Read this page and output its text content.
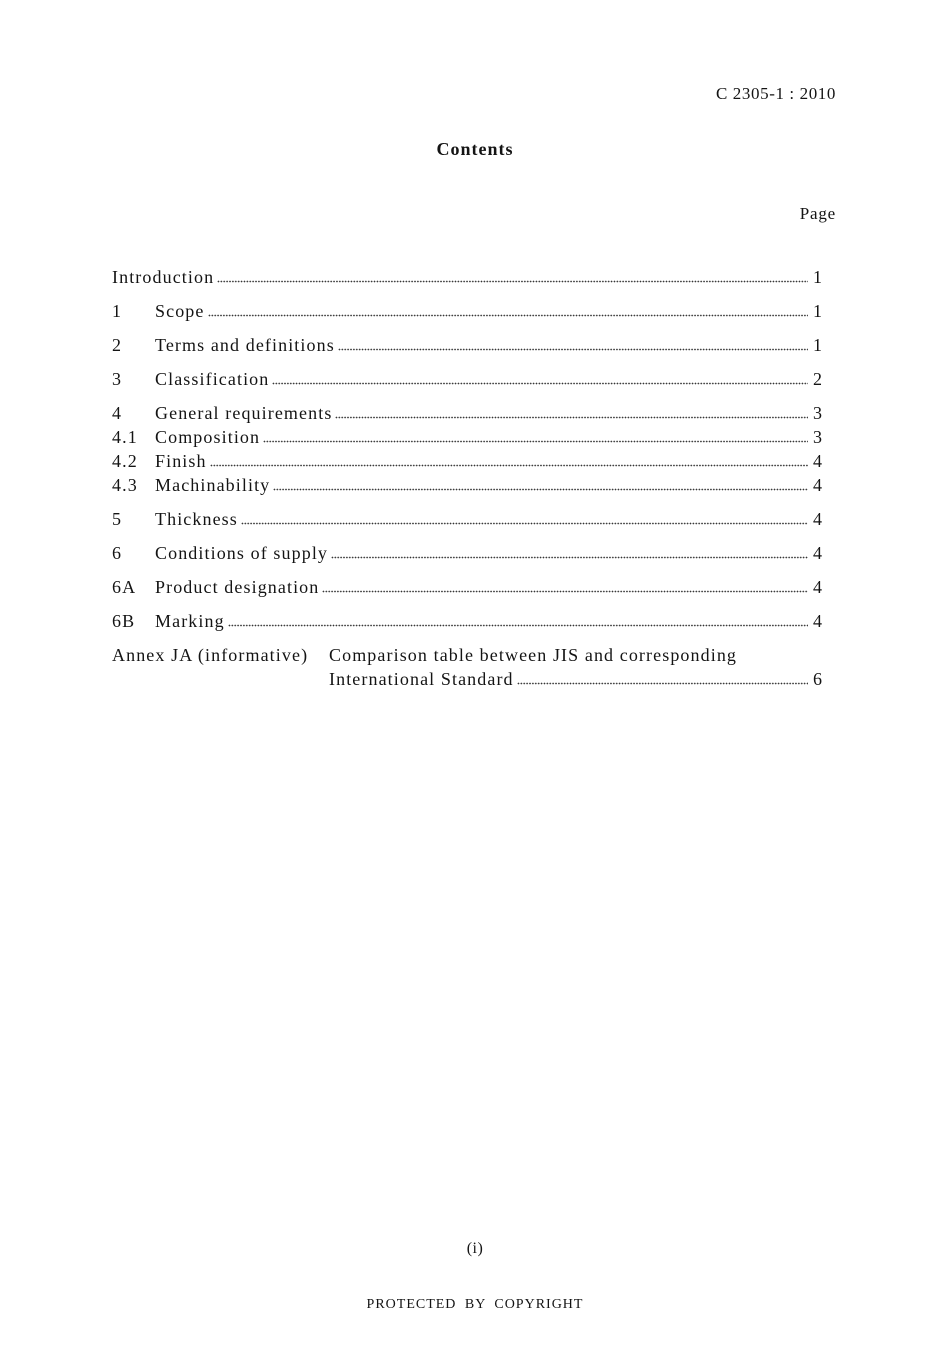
C 2305-1 : 2010
Contents
Page
Introduction	1
1	Scope	1
2	Terms and definitions	1
3	Classification	2
4	General requirements	3
4.1 Composition	3
4.2 Finish	4
4.3 Machinability	4
5	Thickness	4
6	Conditions of supply	4
6A	Product designation	4
6B	Marking	4
Annex JA (informative)	Comparison table between JIS and corresponding
International Standard	6
(i)
PROTECTED BY COPYRIGHT
